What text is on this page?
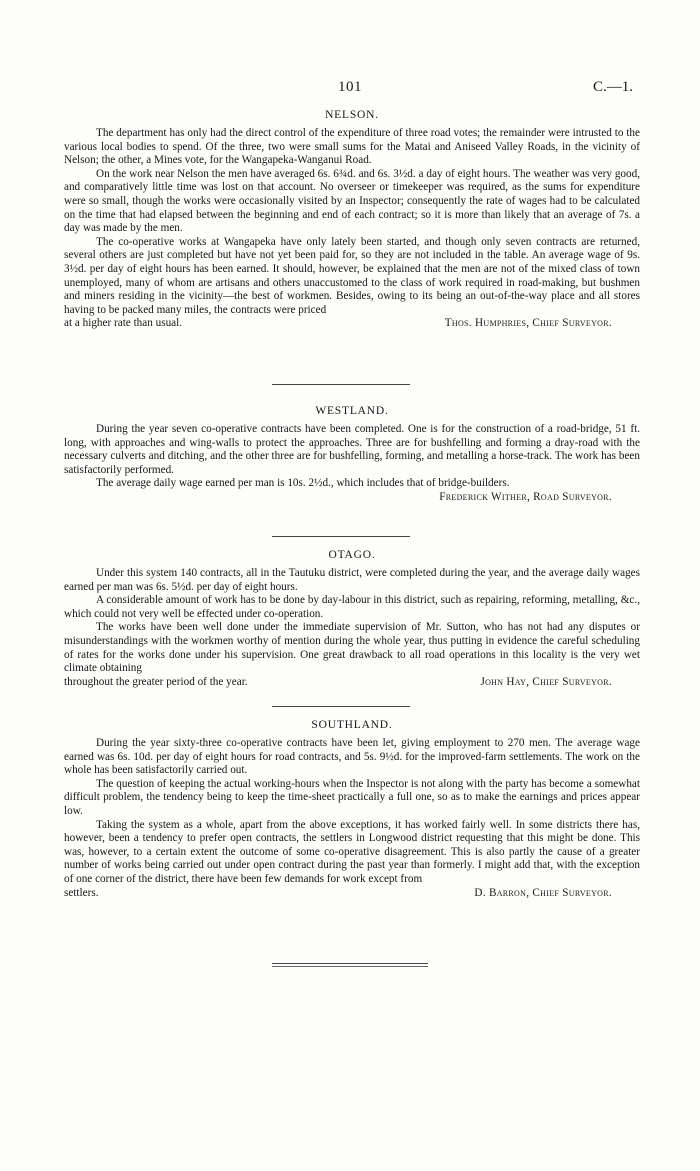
101	C.—1.
NELSON.

The department has only had the direct control of the expenditure of three road votes; the remainder were intrusted to the various local bodies to spend. Of the three, two were small sums for the Matai and Aniseed Valley Roads, in the vicinity of Nelson; the other, a Mines vote, for the Wangapeka-Wanganui Road.

On the work near Nelson the men have averaged 6s. 6¾d. and 6s. 3½d. a day of eight hours. The weather was very good, and comparatively little time was lost on that account. No overseer or timekeeper was required, as the sums for expenditure were so small, though the works were occasionally visited by an Inspector; consequently the rate of wages had to be calculated on the time that had elapsed between the beginning and end of each contract; so it is more than likely that an average of 7s. a day was made by the men.

The co-operative works at Wangapeka have only lately been started, and though only seven contracts are returned, several others are just completed but have not yet been paid for, so they are not included in the table. An average wage of 9s. 3½d. per day of eight hours has been earned. It should, however, be explained that the men are not of the mixed class of town unemployed, many of whom are artisans and others unaccustomed to the class of work required in road-making, but bushmen and miners residing in the vicinity—the best of workmen. Besides, owing to its being an out-of-the-way place and all stores having to be packed many miles, the contracts were priced

at a higher rate than usual.	Thos. Humphries, Chief Surveyor.
WESTLAND.

During the year seven co-operative contracts have been completed. One is for the construction of a road-bridge, 51 ft. long, with approaches and wing-walls to protect the approaches. Three are for bushfelling and forming a dray-road with the necessary culverts and ditching, and the other three are for bushfelling, forming, and metalling a horse-track. The work has been satisfactorily performed.

The average daily wage earned per man is 10s. 2½d., which includes that of bridge-builders.

Frederick Wither, Road Surveyor.
OTAGO.

Under this system 140 contracts, all in the Tautuku district, were completed during the year, and the average daily wages earned per man was 6s. 5½d. per day of eight hours.

A considerable amount of work has to be done by day-labour in this district, such as repairing, reforming, metalling, &c., which could not very well be effected under co-operation.

The works have been well done under the immediate supervision of Mr. Sutton, who has not had any disputes or misunderstandings with the workmen worthy of mention during the whole year, thus putting in evidence the careful scheduling of rates for the works done under his supervision. One great drawback to all road operations in this locality is the very wet climate obtaining

throughout the greater period of the year.	John Hay, Chief Surveyor.
SOUTHLAND.

During the year sixty-three co-operative contracts have been let, giving employment to 270 men. The average wage earned was 6s. 10d. per day of eight hours for road contracts, and 5s. 9½d. for the improved-farm settlements. The work on the whole has been satisfactorily carried out.

The question of keeping the actual working-hours when the Inspector is not along with the party has become a somewhat difficult problem, the tendency being to keep the time-sheet practically a full one, so as to make the earnings and prices appear low.

Taking the system as a whole, apart from the above exceptions, it has worked fairly well. In some districts there has, however, been a tendency to prefer open contracts, the settlers in Longwood district requesting that this might be done. This was, however, to a certain extent the outcome of some co-operative disagreement. This is also partly the cause of a greater number of works being carried out under open contract during the past year than formerly. I might add that, with the exception of one corner of the district, there have been few demands for work except from

settlers.	D. Barron, Chief Surveyor.
